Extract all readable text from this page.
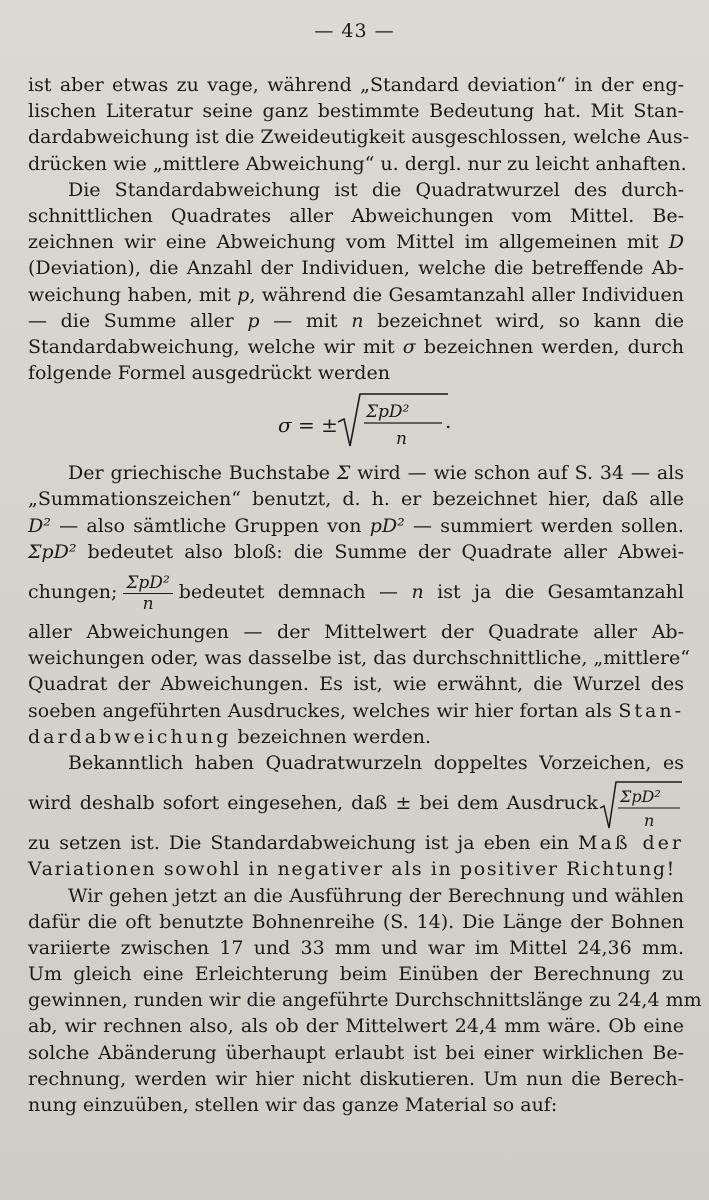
— 43 —
ist aber etwas zu vage, während „Standard deviation“ in der eng-
lischen Literatur seine ganz bestimmte Bedeutung hat. Mit Stan-
dardabweichung ist die Zweideutigkeit ausgeschlossen, welche Aus-
drücken wie „mittlere Abweichung“ u. dergl. nur zu leicht anhaften.
Die Standardabweichung ist die Quadratwurzel des durch-
schnittlichen Quadrates aller Abweichungen vom Mittel. Be-
zeichnen wir eine Abweichung vom Mittel im allgemeinen mit D
(Deviation), die Anzahl der Individuen, welche die betreffende Ab-
weichung haben, mit p, während die Gesamtanzahl aller Individuen
— die Summe aller p — mit n bezeichnet wird, so kann die
Standardabweichung, welche wir mit σ bezeichnen werden, durch
folgende Formel ausgedrückt werden
σ = ±
ΣpD²
n
.
Der griechische Buchstabe Σ wird — wie schon auf S. 34 — als
„Summationszeichen“ benutzt, d. h. er bezeichnet hier, daß alle
D² — also sämtliche Gruppen von pD² — summiert werden sollen.
ΣpD² bedeutet also bloß: die Summe der Quadrate aller Abwei-
chungen; $\frac{\text{ΣpD²}}{n}$ bedeutet demnach — n ist ja die Gesamtanzahl
aller Abweichungen — der Mittelwert der Quadrate aller Ab-
weichungen oder, was dasselbe ist, das durchschnittliche, „mittlere“
Quadrat der Abweichungen. Es ist, wie erwähnt, die Wurzel des
soeben angeführten Ausdruckes, welches wir hier fortan als Stan-
dardabweichung bezeichnen werden.
Bekanntlich haben Quadratwurzeln doppeltes Vorzeichen, es
wird deshalb sofort eingesehen, daß ± bei dem Ausdruck ΣpD²
n
zu setzen ist. Die Standardabweichung ist ja eben ein Maß der
Variationen sowohl in negativer als in positiver Richtung!
Wir gehen jetzt an die Ausführung der Berechnung und wählen
dafür die oft benutzte Bohnenreihe (S. 14). Die Länge der Bohnen
variierte zwischen 17 und 33 mm und war im Mittel 24,36 mm.
Um gleich eine Erleichterung beim Einüben der Berechnung zu
gewinnen, runden wir die angeführte Durchschnittslänge zu 24,4 mm
ab, wir rechnen also, als ob der Mittelwert 24,4 mm wäre. Ob eine
solche Abänderung überhaupt erlaubt ist bei einer wirklichen Be-
rechnung, werden wir hier nicht diskutieren. Um nun die Berech-
nung einzuüben, stellen wir das ganze Material so auf:
